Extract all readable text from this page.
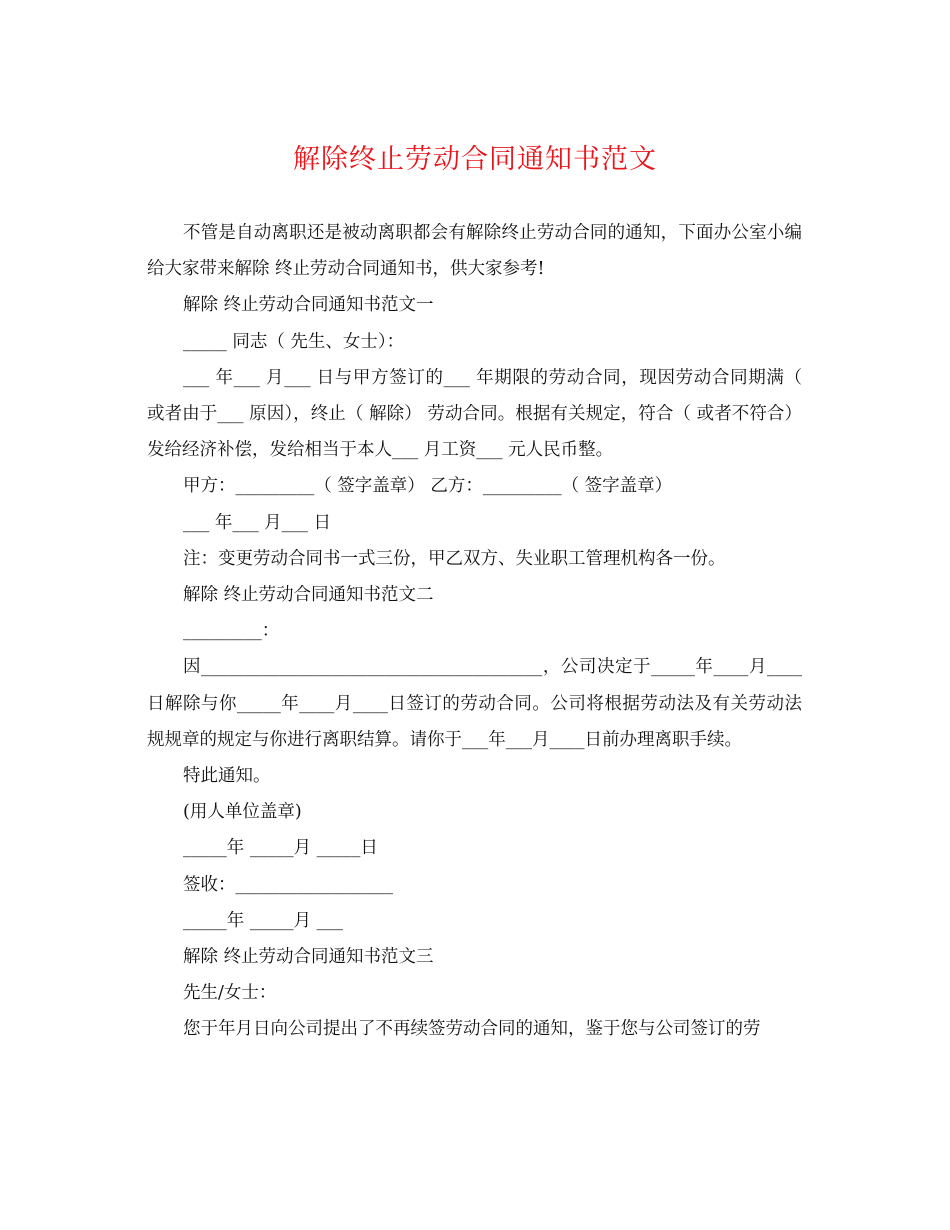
解除终止劳动合同通知书范文

不管是自动离职还是被动离职都会有解除终止劳动合同的通知，下面办公室小编给大家带来解除 终止劳动合同通知书，供大家参考!

解除 终止劳动合同通知书范文一

_____ 同志（ 先生、女士）：

___ 年___ 月___ 日与甲方签订的___ 年期限的劳动合同，现因劳动合同期满（ 或者由于___ 原因），终止（ 解除） 劳动合同。根据有关规定，符合（ 或者不符合） 发给经济补偿，发给相当于本人___ 月工资___ 元人民币整。

甲方：_________（ 签字盖章） 乙方：_________（ 签字盖章）

___ 年___ 月___ 日

注：变更劳动合同书一式三份，甲乙双方、失业职工管理机构各一份。

解除 终止劳动合同通知书范文二

_________：

因_______________________________________，公司决定于_____年____月____日解除与你_____年____月____日签订的劳动合同。公司将根据劳动法及有关劳动法规规章的规定与你进行离职结算。请你于___年___月____日前办理离职手续。

特此通知。

(用人单位盖章)

_____年 _____月 _____日

签收：__________________

_____年 _____月 ___

解除 终止劳动合同通知书范文三

先生/女士：

您于年月日向公司提出了不再续签劳动合同的通知，鉴于您与公司签订的劳
